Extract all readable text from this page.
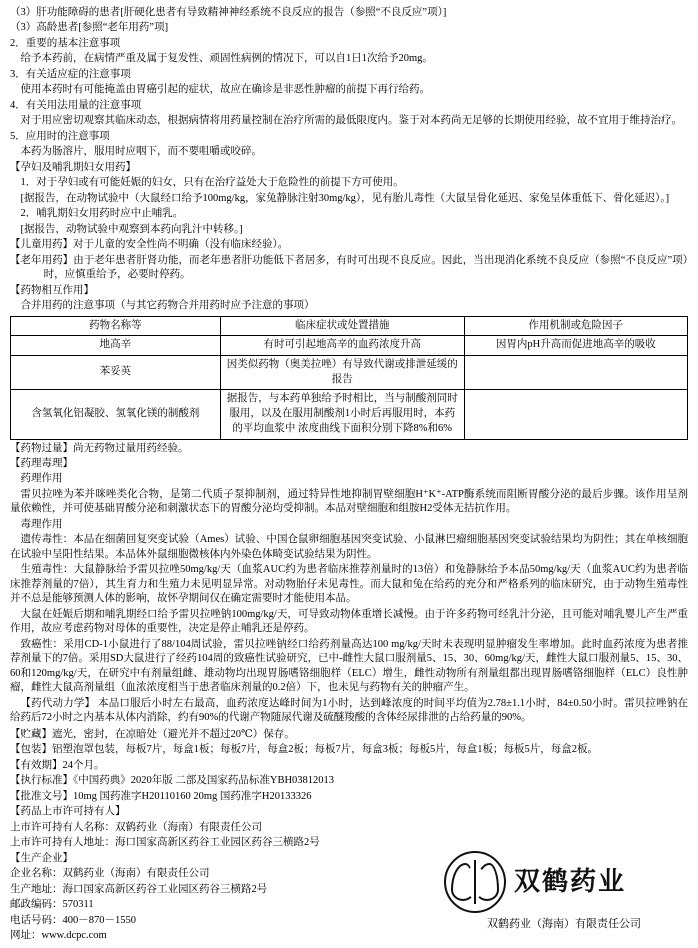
（3）肝功能障碍的患者[肝硬化患者有导致精神神经系统不良反应的报告（参照“不良反应”项）]

（3）高龄患者[参照“老年用药”项]

2．重要的基本注意事项

给予本药前，在病情严重及属于复发性、顽固性病例的情况下，可以自1日1次给予20mg。

3．有关适应症的注意事项

使用本药时有可能掩盖由胃癌引起的症状，故应在确诊是非恶性肿瘤的前提下再行给药。

4．有关用法用量的注意事项

对于用应密切观察其临床动态，根据病情将用药量控制在治疗所需的最低限度内。鉴于对本药尚无足够的长期使用经验，故不宜用于维持治疗。

5．应用时的注意事项

本药为肠溶片，服用时应咽下，而不要咀嚼或咬碎。

【孕妇及哺乳期妇女用药】

1．对于孕妇或有可能妊娠的妇女，只有在治疗益处大于危险性的前提下方可使用。

[据报告，在动物试验中（大鼠经口给予100mg/kg，家兔静脉注射30mg/kg），见有胎儿毒性（大鼠呈骨化延迟、家兔呈体重低下、骨化延迟）。]

2．哺乳期妇女用药时应中止哺乳。

[据报告，动物试验中观察到本药向乳汁中转移。]

【儿童用药】对于儿童的安全性尚不明确（没有临床经验）。

【老年用药】由于老年患者肝肾功能，而老年患者肝功能低下者居多，有时可出现不良反应。因此，当出现消化系统不良反应（参照“不良反应”项）时，应慎重给予，必要时停药。

【药物相互作用】

合并用药的注意事项（与其它药物合并用药时应予注意的事项）

药物名称等	临床症状或处置措施	作用机制或危险因子
地高辛	有时可引起地高辛的血药浓度升高	因胃内pH升高而促进地高辛的吸收
苯妥英	因类似药物（奥美拉唑）有导致代谢或排泄延缓的报告	
含氢氧化铝凝胶、氢氧化镁的制酸剂	据报告，与本药单独给予时相比，当与制酸剂同时服用，以及在服用制酸剂1小时后再服用时，本药的平均血浆中 浓度曲线下面积分别下降8%和6%	

【药物过量】尚无药物过量用药经验。

【药理毒理】

药理作用

雷贝拉唑为苯并咪唑类化合物，是第二代质子泵抑制剂，通过特异性地抑制胃壁细胞H⁺K⁺-ATP酶系统而阻断胃酸分泌的最后步骤。该作用呈剂量依赖性，并可使基础胃酸分泌和刺激状态下的胃酸分泌均受抑制。本品对壁细胞和组胺H2受体无拮抗作用。

毒理作用

遗传毒性：本品在细菌回复突变试验（Ames）试验、中国仓鼠卵细胞基因突变试验、小鼠淋巴瘤细胞基因突变试验结果均为阴性；其在单核细胞在试验中呈阳性结果。本品体外鼠细胞微核体内外染色体畸变试验结果为阴性。

生殖毒性：大鼠静脉给予雷贝拉唑50mg/kg/天（血浆AUC约为患者临床推荐剂量时的13倍）和兔静脉给予本品50mg/kg/天（血浆AUC约为患者临床推荐剂量的7倍），其生育力和生殖力未见明显异常。对动物胎仔未见毒性。而大鼠和兔在给药的充分和严格系列的临床研究，由于动物生殖毒性并不总是能够预测人体的影响，故怀孕期间仅在确定需要时才能使用本品。

大鼠在妊娠后期和哺乳期经口给予雷贝拉唑钠100mg/kg/天，可导致动物体重增长减慢。由于许多药物可经乳汁分泌，且可能对哺乳婴儿产生严重作用，故应考虑药物对母体的重要性，决定是停止哺乳还是停药。

致癌性：采用CD-1小鼠进行了88/104周试验，雷贝拉唑钠经口给药剂量高达100 mg/kg/天时未表现明显肿瘤发生率增加。此时血药浓度为患者推荐剂量下的7倍。采用SD大鼠进行了经药104周的致癌性试验研究，已中-雌性大鼠口服剂量5、15、30、60mg/kg/天，雌性大鼠口服剂量5、15、30、60和120mg/kg/天，在研究中有剂量组雌、雄动物均出现胃肠嗜铬细胞样（ELC）增生，雌性动物所有剂量组都出现胃肠嗜铬细胞样（ELC）良性肿瘤，雌性大鼠高剂量组（血浓浓度相当于患者临床剂量的0.2倍）下，也未见与药物有关的肿瘤产生。

【药代动力学】 本品口服后小时左右最高，血药浓度达峰时间为1小时，达到峰浓度的时间平均值为2.78±1.1小时，84±0.50小时。雷贝拉唑钠在给药后72小时之内基本从体内消除，约有90%的代谢产物随尿代谢及硫醚羧酸的含体经尿排泄的占给药量的90%。

【贮藏】遮光，密封，在凉暗处（避光并不超过20℃）保存。

【包装】铝塑泡罩包装，每板7片，每盒1板；每板7片，每盒2板；每板7片，每盒3板；每板5片，每盒1板；每板5片，每盒2板。

【有效期】24个月。

【执行标准】《中国药典》2020年版 二部及国家药品标准YBH03812013

【批准文号】10mg 国药准字H20110160 20mg 国药准字H20133326

【药品上市许可持有人】

上市许可持有人名称：双鹤药业（海南）有限责任公司

上市许可持有人地址：海口国家高新区药谷工业园区药谷三横路2号

【生产企业】

企业名称：双鹤药业（海南）有限责任公司

生产地址：海口国家高新区药谷工业园区药谷三横路2号

邮政编码：570311

电话号码：400－870－1550

网址：www.dcpc.com

双鹤药业
双鹤药业（海南）有限责任公司
